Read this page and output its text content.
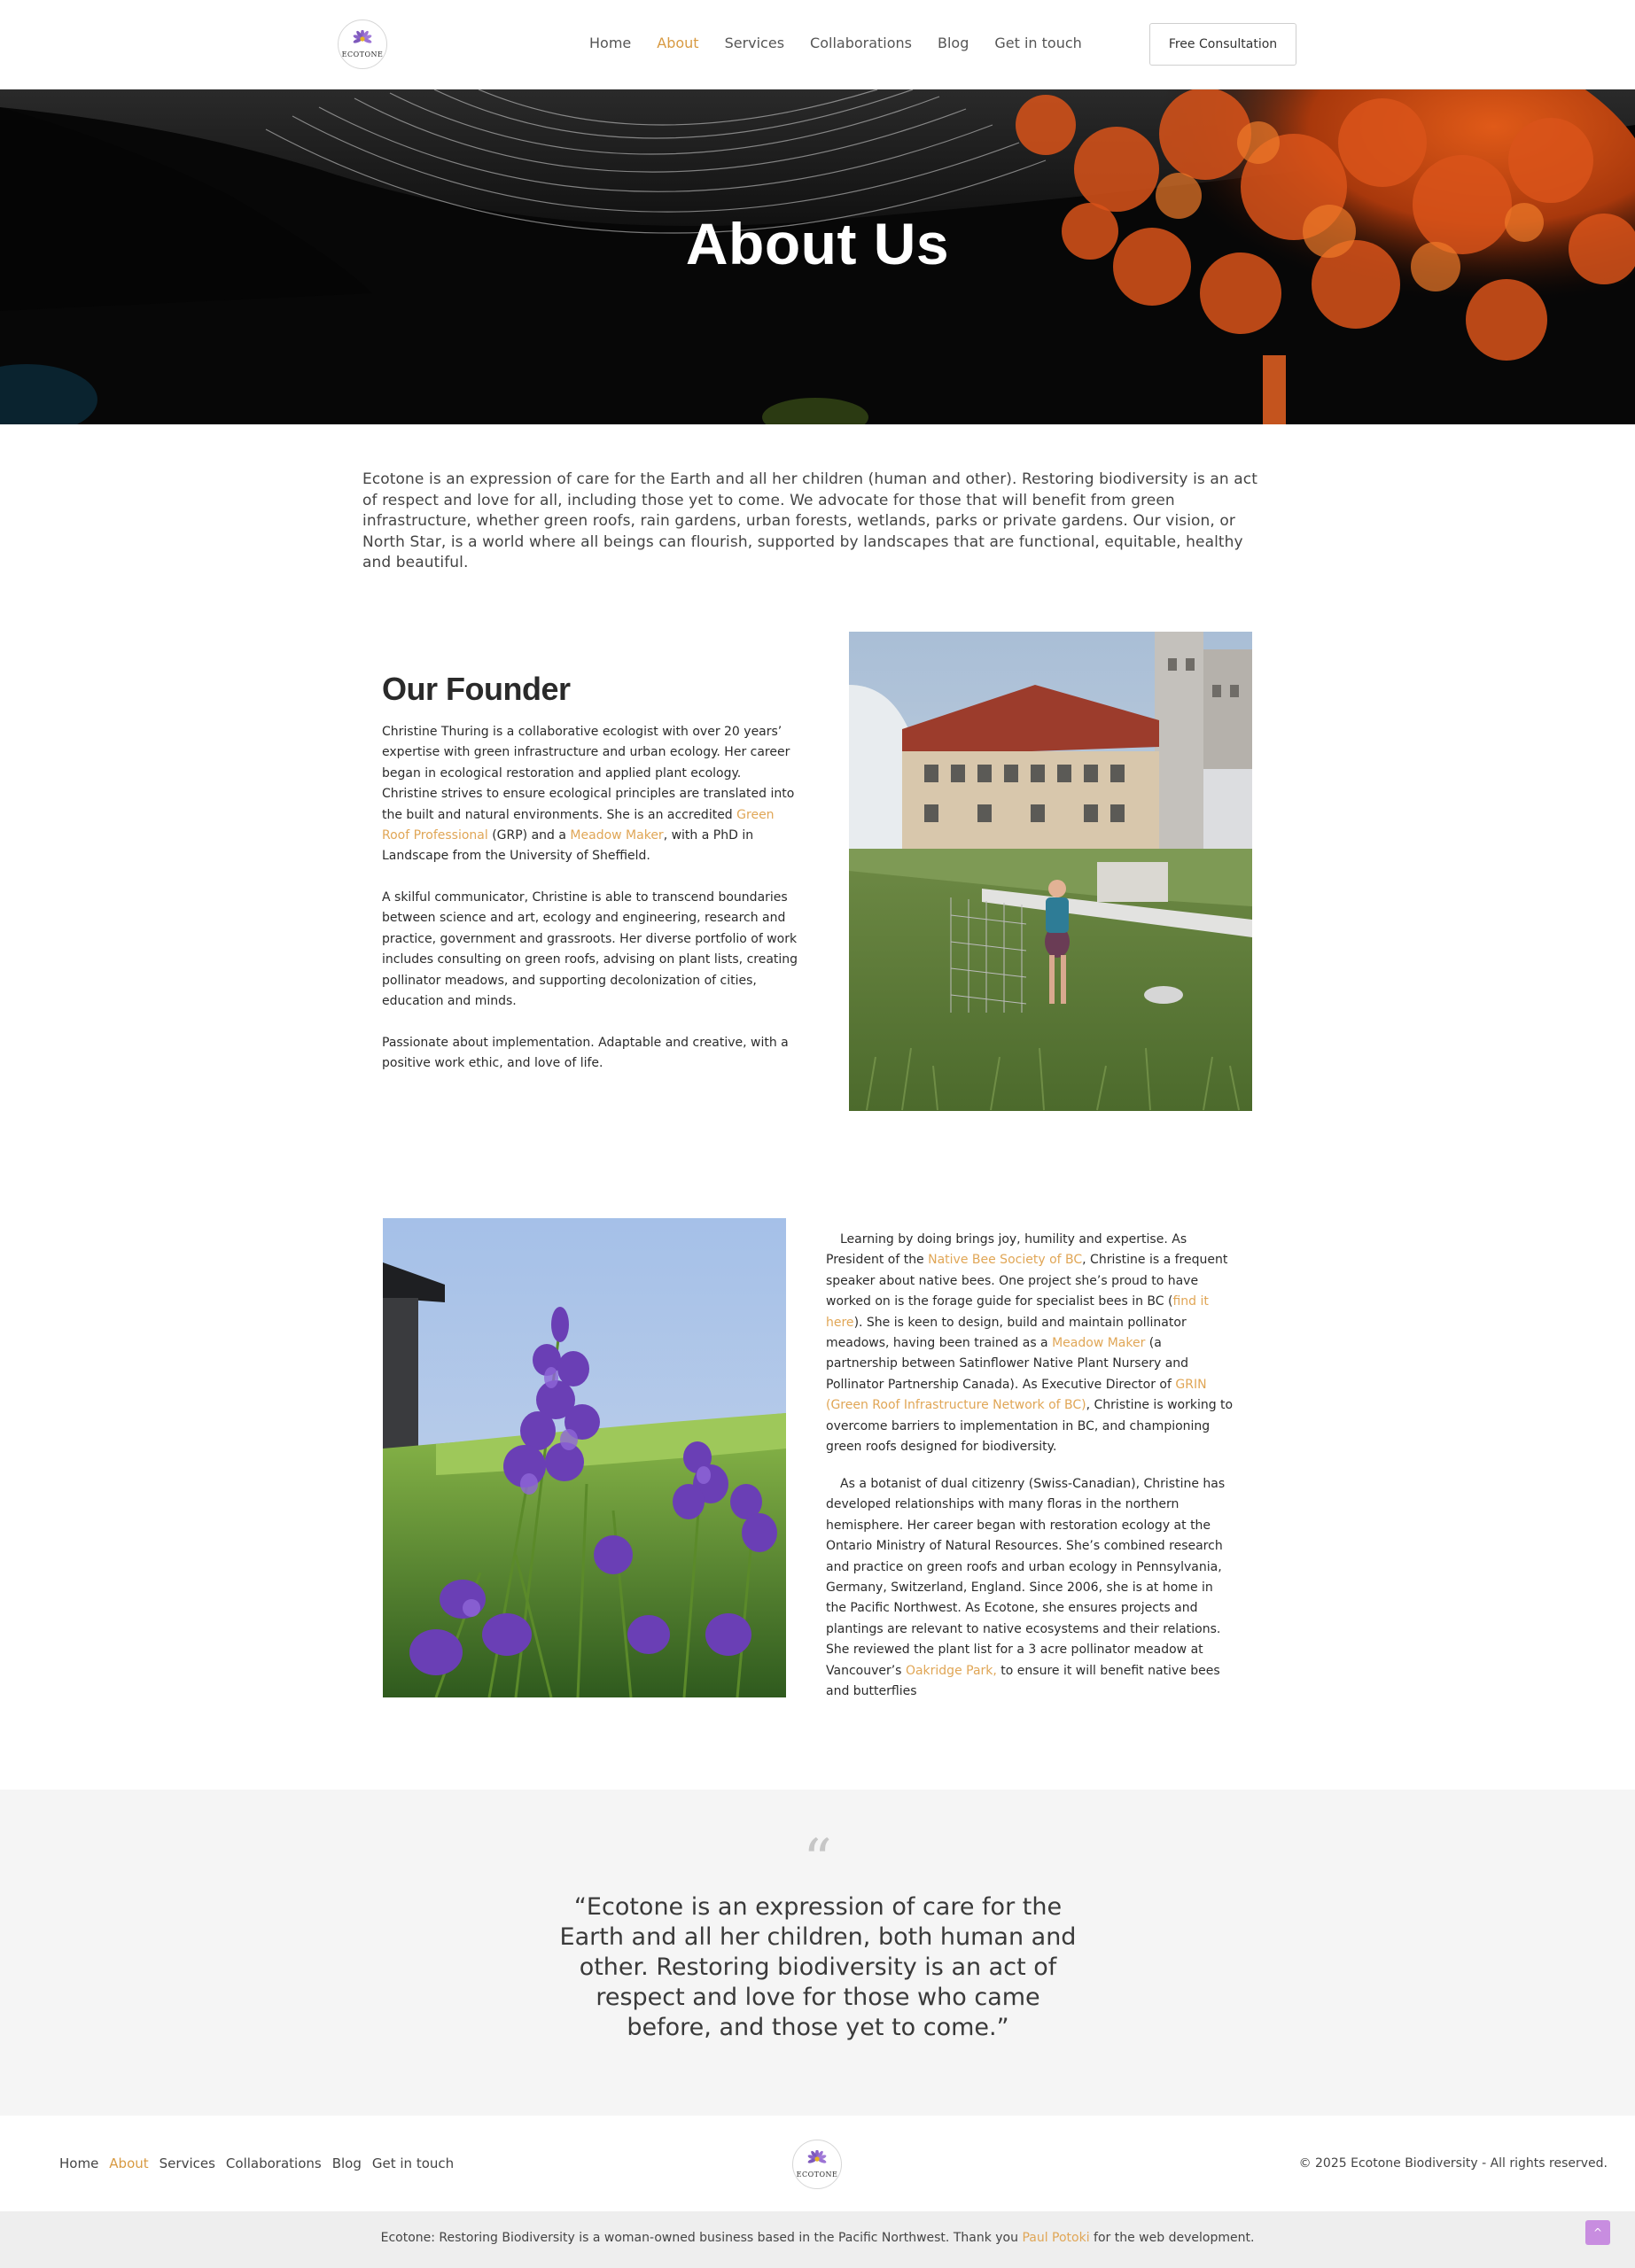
ECOTONE
Home About Services Collaborations Blog Get in touch	Free Consultation
About Us

Ecotone is an expression of care for the Earth and all her children (human and other). Restoring biodiversity is an act of respect and love for all, including those yet to come. We advocate for those that will benefit from green infrastructure, whether green roofs, rain gardens, urban forests, wetlands, parks or private gardens. Our vision, or North Star, is a world where all beings can flourish, supported by landscapes that are functional, equitable, healthy and beautiful.

Our Founder

Christine Thuring is a collaborative ecologist with over 20 years’ expertise with green infrastructure and urban ecology. Her career began in ecological restoration and applied plant ecology. Christine strives to ensure ecological principles are translated into the built and natural environments. She is an accredited Green Roof Professional (GRP) and a Meadow Maker, with a PhD in Landscape from the University of Sheffield.

A skilful communicator, Christine is able to transcend boundaries between science and art, ecology and engineering, research and practice, government and grassroots. Her diverse portfolio of work includes consulting on green roofs, advising on plant lists, creating pollinator meadows, and supporting decolonization of cities, education and minds.

Passionate about implementation. Adaptable and creative, with a positive work ethic, and love of life.

Learning by doing brings joy, humility and expertise. As President of the Native Bee Society of BC, Christine is a frequent speaker about native bees. One project she’s proud to have worked on is the forage guide for specialist bees in BC (find it here). She is keen to design, build and maintain pollinator meadows, having been trained as a Meadow Maker (a partnership between Satinflower Native Plant Nursery and Pollinator Partnership Canada). As Executive Director of GRIN (Green Roof Infrastructure Network of BC), Christine is working to overcome barriers to implementation in BC, and championing green roofs designed for biodiversity.

As a botanist of dual citizenry (Swiss-Canadian), Christine has developed relationships with many floras in the northern hemisphere. Her career began with restoration ecology at the Ontario Ministry of Natural Resources. She’s combined research and practice on green roofs and urban ecology in Pennsylvania, Germany, Switzerland, England. Since 2006, she is at home in the Pacific Northwest. As Ecotone, she ensures projects and plantings are relevant to native ecosystems and their relations. She reviewed the plant list for a 3 acre pollinator meadow at Vancouver’s Oakridge Park, to ensure it will benefit native bees and butterflies

“

“Ecotone is an expression of care for the Earth and all her children, both human and other. Restoring biodiversity is an act of respect and love for those who came before, and those yet to come.”

Home About Services Collaborations Blog Get in touch
ECOTONE
© 2025 Ecotone Biodiversity - All rights reserved.

Ecotone: Restoring Biodiversity is a woman-owned business based in the Pacific Northwest. Thank you Paul Potoki for the web development.	^
